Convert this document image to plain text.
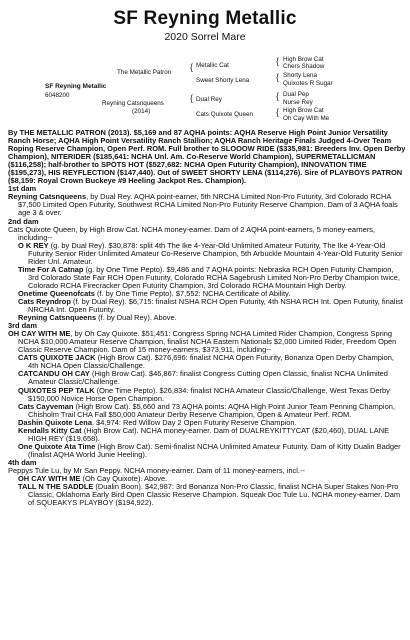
SF Reyning Metallic
2020 Sorrel Mare
The Metallic Patron
SF Reyning Metallic
6048200
Reyning Catsnqueens
(2014)
{
{
Metallic Cat
Sweet Shorty Lena
Dual Rey
Cats Quixote Queen
{
{
{
{
High Brow Cat
Chers Shadow
Shorty Lena
Quixotes R Sugar
Dual Pep
Nurse Rey
High Brow Cat
Oh Cay With Me

By THE METALLIC PATRON (2013). $5,169 and 87 AQHA points: AQHA Reserve High Point Junior Versatility Ranch Horse; AQHA High Point Versatility Ranch Stallion; AQHA Ranch Heritage Finals Judged 4-Over Team Roping Reserve Champion, Open Perf. ROM. Full brother to SLOOOW RIDE ($335,981: Breeders Inv. Open Derby Champion), NITERIDER ($185,641: NCHA Unl. Am. Co-Reserve World Champion), SUPERMETALLICMAN ($116,258); half-brother to SPOTS HOT ($527,682: NCHA Open Futurity Champion), INNOVATION TIME ($195,273), HIS REYFLECTION ($147,440). Out of SWEET SHORTY LENA ($114,276). Sire of PLAYBOYS PATRON ($8,159: Royal Crown Buckeye #9 Heeling Jackpot Res. Champion).

1st dam

Reyning Catsnqueens, by Dual Rey. AQHA point-earner, 5th NRCHA Limited Non-Pro Futurity, 3rd Colorado RCHA $7,500 Limited Open Futurity, Southwest RCHA Limited Non-Pro Futurity Reserve Champion. Dam of 3 AQHA foals age 3 & over.

2nd dam

Cats Quixote Queen, by High Brow Cat. NCHA money-earner. Dam of 2 AQHA point-earners, 5 money-earners, including--

O K REY (g. by Dual Rey). $30,878: split 4th The Ike 4-Year-Old Unlimited Amateur Futurity, The Ike 4-Year-Old Futurity Senior Rider Unlimited Amateur Co-Reserve Champion, 5th Arbuckle Mountain 4-Year-Old Futurity Senior Rider Unl. Amateur.

Time For A Catnap (g. by One Time Pepto). $9,486 and 7 AQHA points: Nebraska RCH Open Futurity Champion, 3rd Colorado State Fair RCH Open Futurity, Colorado RCHA Sagebrush Limited Non-Pro Derby Champion twice, Colorado RCHA Firecracker Open Futurity Champion, 3rd Colorado RCHA Mountain High Derby.

Onetime Queenofcats (f. by One Time Pepto). $7,552: NCHA Certificate of Ability.

Cats Reyndrop (f. by Dual Rey). $6,715: finalist NSHA RCH Open Futurity, 4th NSHA RCH Int. Open Futurity, finalist NRCHA Int. Open Futurity.

Reyning Catsnqueens (f. by Dual Rey). Above.

3rd dam

OH CAY WITH ME, by Oh Cay Quixote. $51,451: Congress Spring NCHA Limited Rider Champion, Congress Spring NCHA $10,000 Amateur Reserve Champion, finalist NCHA Eastern Nationals $2,000 Limited Rider, Freedom Open Classic Reserve Champion. Dam of 15 money-earners, $373,911, including--

CATS QUIXOTE JACK (High Brow Cat). $276,696: finalist NCHA Open Futurity, Bonanza Open Derby Champion, 4th NCHA Open Classic/Challenge.

CATCANDU OH CAY (High Brow Cat). $46,867: finalist Congress Cutting Open Classic, finalist NCHA Unlimited Amateur Classic/Challenge.

QUIXOTES PEP TALK (One Time Pepto). $26,834: finalist NCHA Amateur Classic/Challenge, West Texas Derby $150,000 Novice Horse Open Champion.

Cats Cayveman (High Brow Cat). $5,660 and 73 AQHA points: AQHA High Point Junior Team Penning Champion, Chisholm Trail CHA Fall $50,000 Amateur Derby Reserve Champion, Open & Amateur Perf. ROM.

Dashin Quixote Lena. $4,974: Red Willow Day 2 Open Futurity Reserve Champion.

Kendalls Kitty Cat (High Brow Cat). NCHA money-earner. Dam of DUALREYKITTYCAT ($20,460), DUAL LANE HIGH REY ($19,658).

One Quixote Ata Time (High Brow Cat). Semi-finalist NCHA Unlimited Amateur Futurity. Dam of Kitty Dualin Badger (finalist AQHA World Junie Heeling).

4th dam

Peppys Tule Lu, by Mr San Peppy. NCHA money-earner. Dam of 11 money-earners, incl.--

OH CAY WITH ME (Oh Cay Quixote). Above.

TALL N THE SADDLE (Dualin Boon). $42,987: 3rd Bonanza Non-Pro Classic, finalist NCHA Super Stakes Non-Pro Classic, Oklahoma Early Bird Open Classic Reserve Champion. Squeak Doc Tule Lu. NCHA money-earner. Dam of SQUEAKYS PLAYBOY ($194,922).
